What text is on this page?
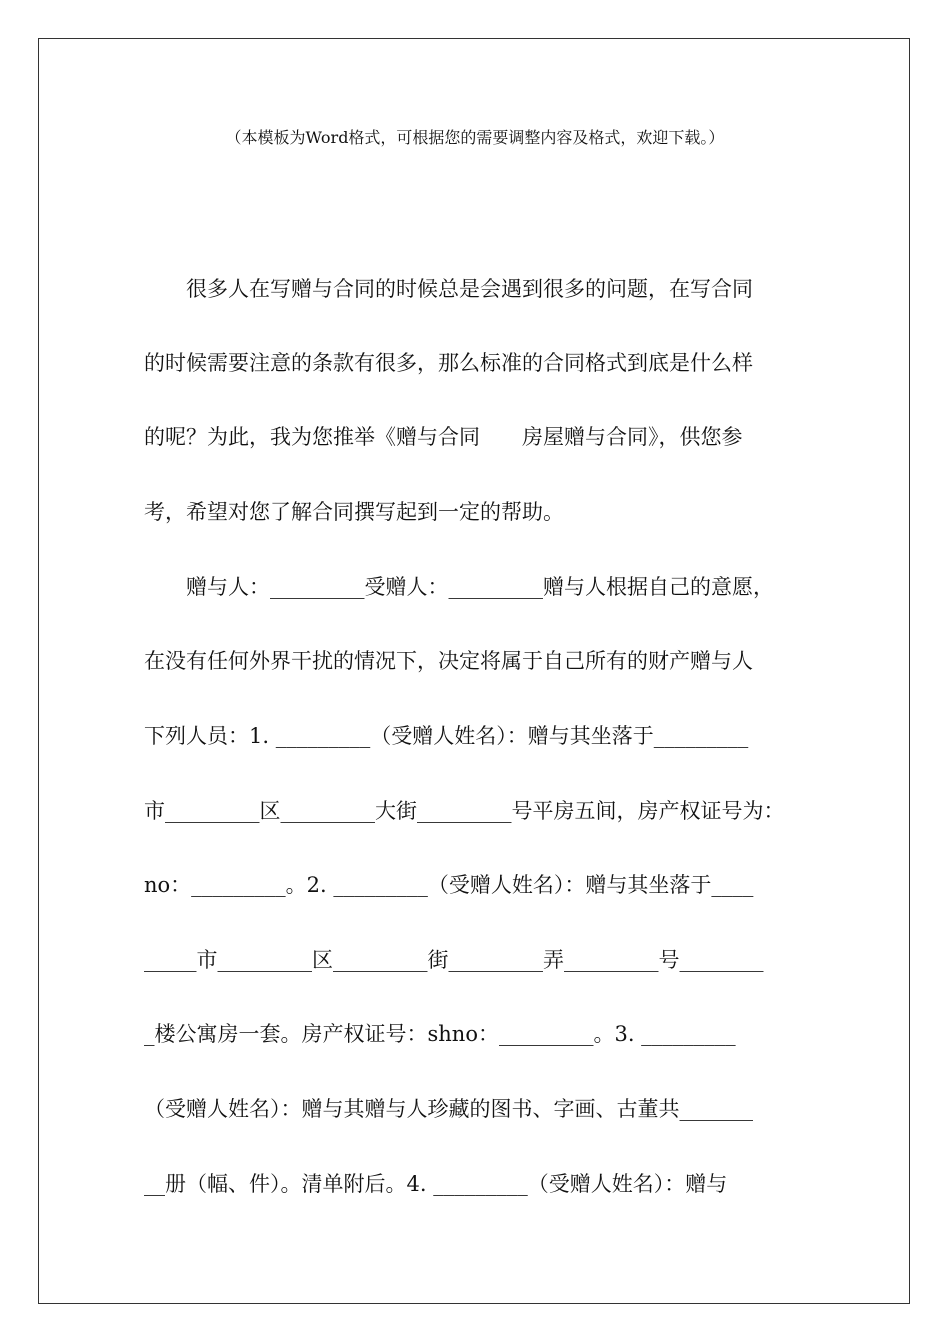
（本模板为Word格式，可根据您的需要调整内容及格式，欢迎下载。）
　　很多人在写赠与合同的时候总是会遇到很多的问题，在写合同
的时候需要注意的条款有很多，那么标准的合同格式到底是什么样
的呢？为此，我为您推举《赠与合同　　房屋赠与合同》，供您参
考，希望对您了解合同撰写起到一定的帮助。
　　赠与人：_________受赠人：_________赠与人根据自己的意愿，
在没有任何外界干扰的情况下，决定将属于自己所有的财产赠与人
下列人员：1. _________（受赠人姓名）：赠与其坐落于_________
市_________区_________大街_________号平房五间，房产权证号为：
no：_________。2. _________（受赠人姓名）：赠与其坐落于____
_____市_________区_________街_________弄_________号________
_楼公寓房一套。房产权证号：shno：_________。3. _________
（受赠人姓名）：赠与其赠与人珍藏的图书、字画、古董共_______
__册（幅、件）。清单附后。4. _________（受赠人姓名）：赠与
